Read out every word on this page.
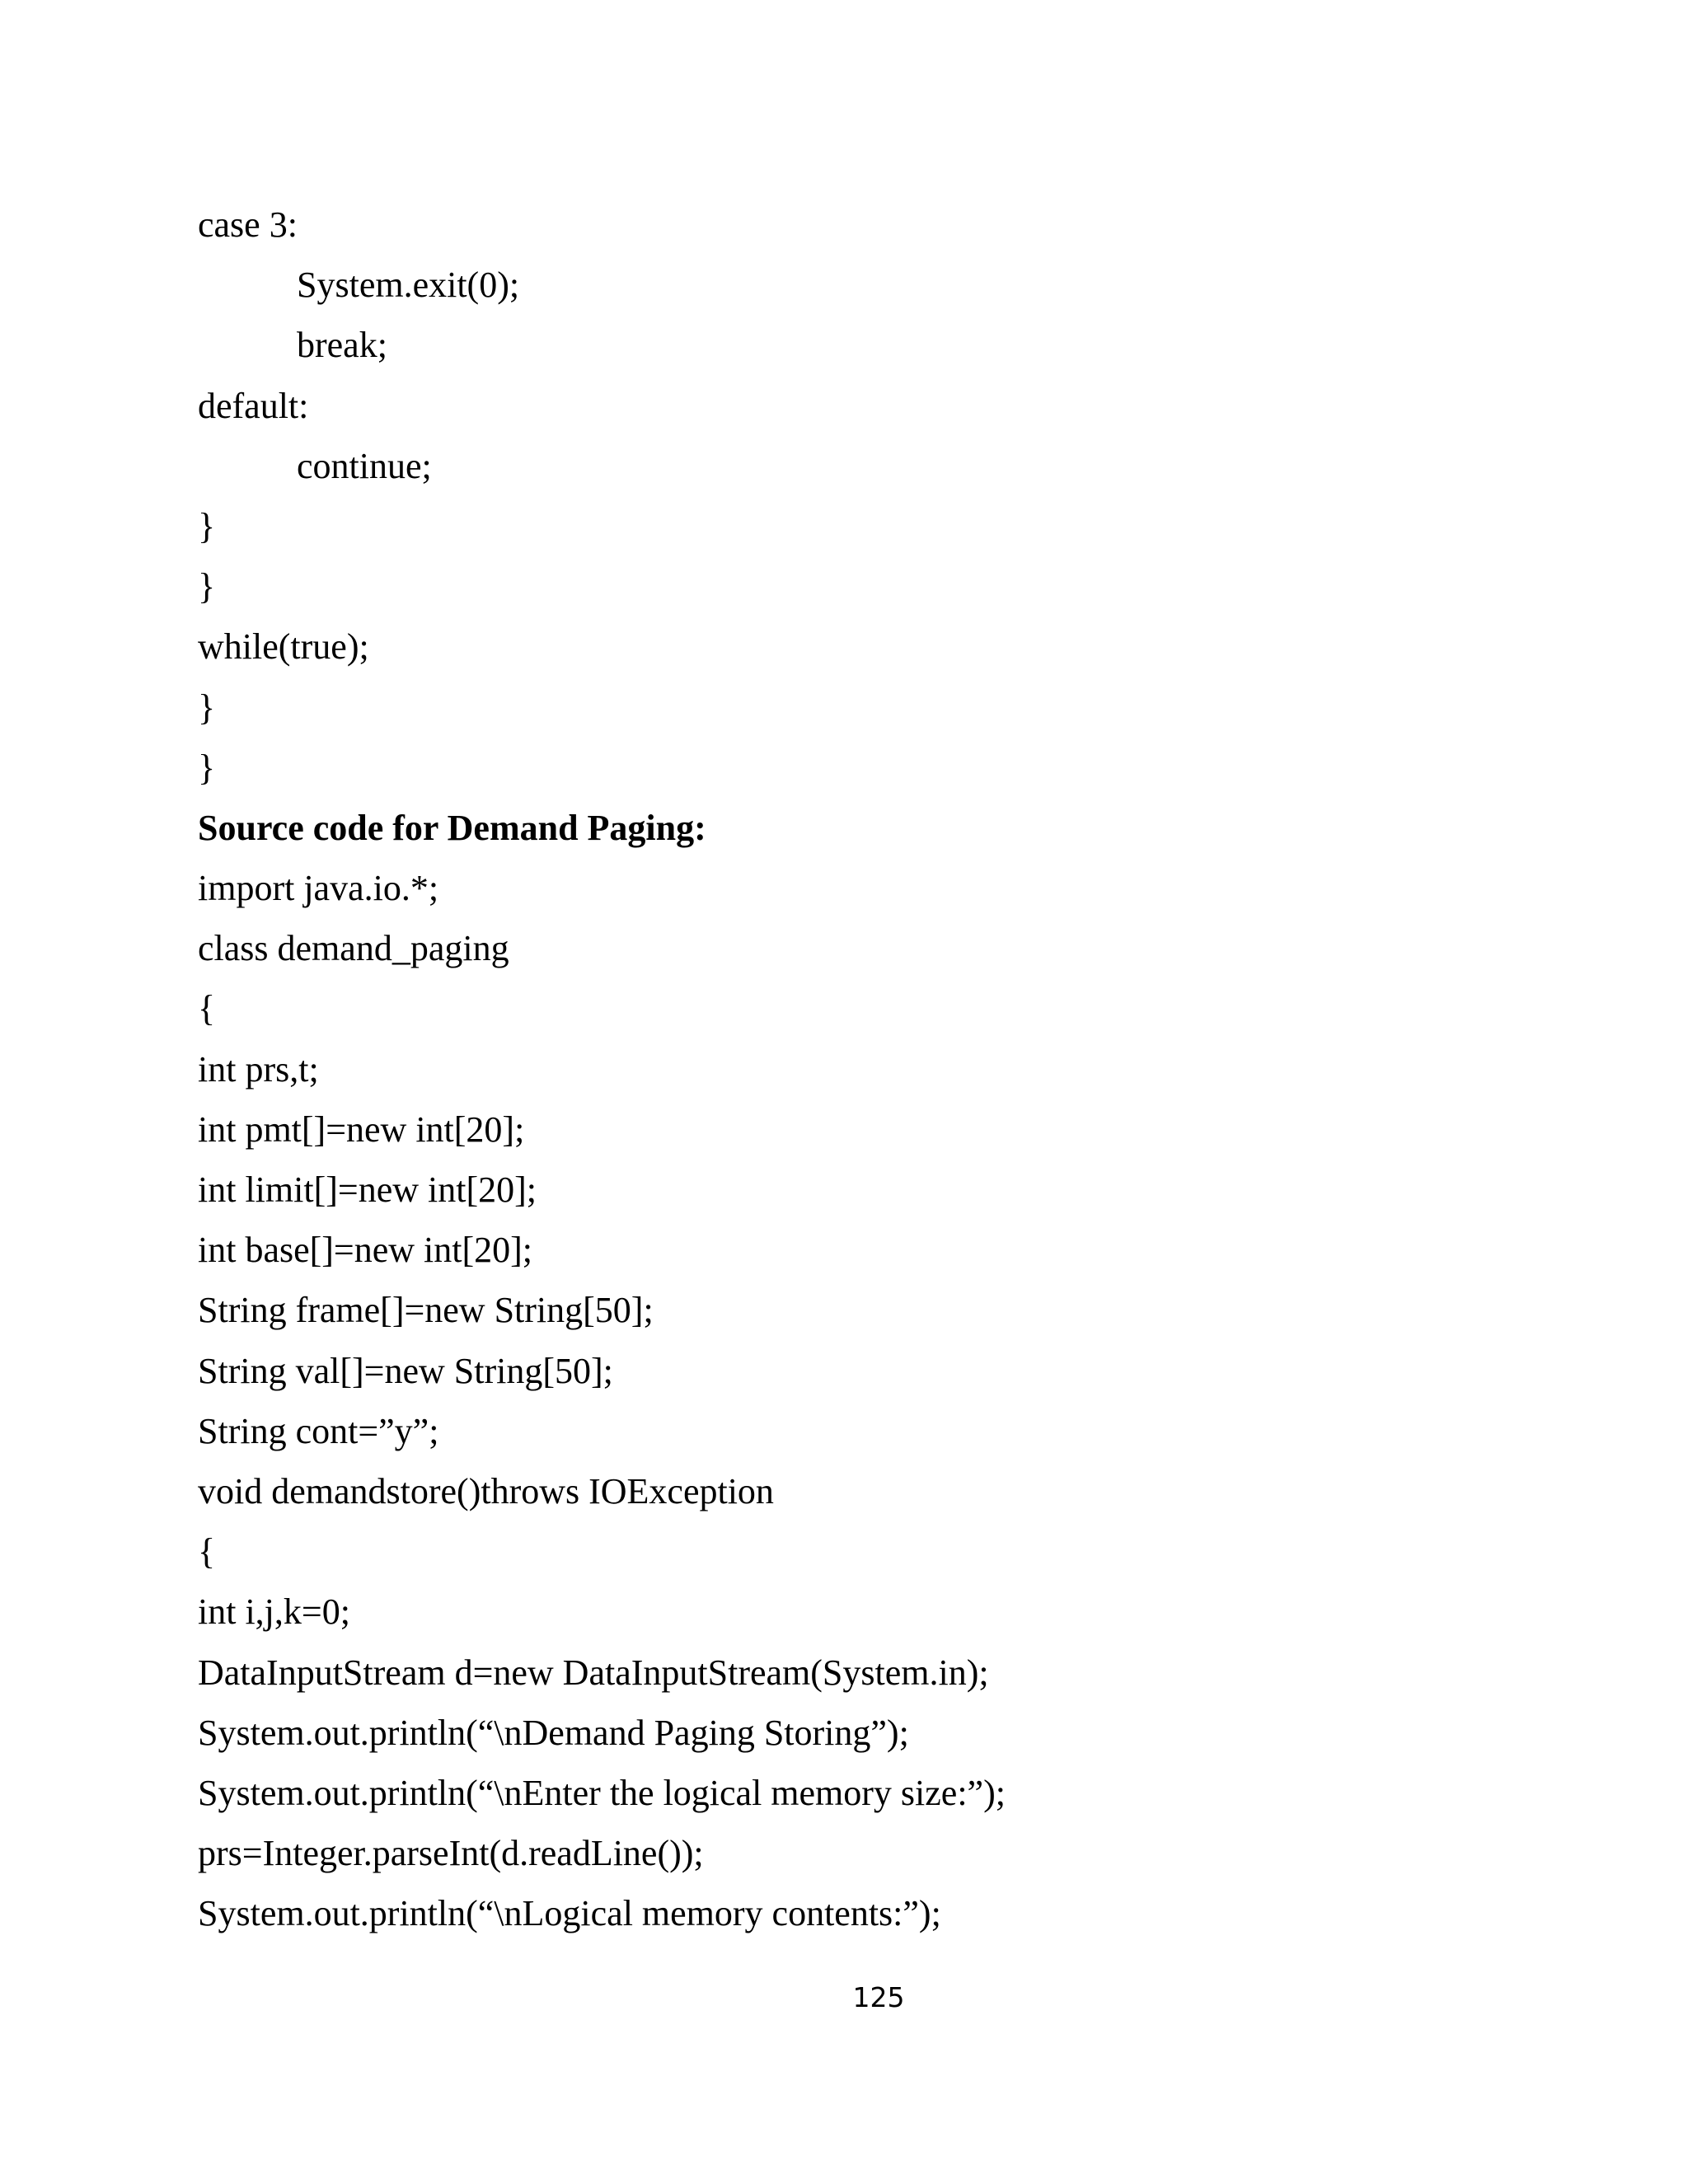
case 3:
System.exit(0);
break;
default:
continue;
}
}
while(true);
}
}
Source code for Demand Paging:
import java.io.*;
class demand_paging
{
int prs,t;
int pmt[]=new int[20];
int limit[]=new int[20];
int base[]=new int[20];
String frame[]=new String[50];
String val[]=new String[50];
String cont=”y”;
void demandstore()throws IOException
{
int i,j,k=0;
DataInputStream d=new DataInputStream(System.in);
System.out.println(“\nDemand Paging Storing”);
System.out.println(“\nEnter the logical memory size:”);
prs=Integer.parseInt(d.readLine());
System.out.println(“\nLogical memory contents:”);
125
